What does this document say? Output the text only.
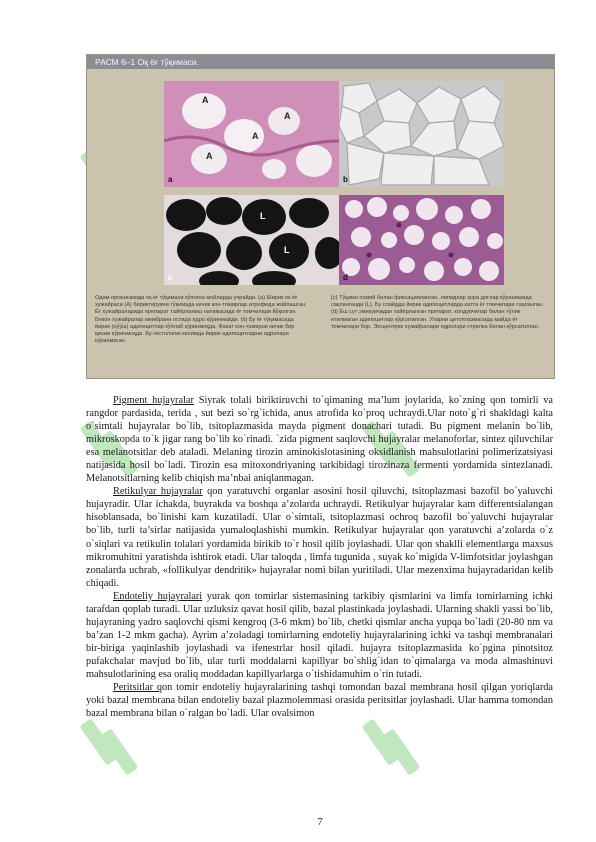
РАСМ 6–1 Оқ ёғ тўқимаси.
A
A
A
A
a	b
L
L
c	d
Одам организмида оқ ёғ тўқимаси кўпгина жойларда учрайди. (a) Ширик ок ёғ хужайраси (A) бириктирувчи тўқимада кичик кон-томирлар атрофида жойлашган. Ёғ хужайраларида препарат тайёрланиш натижасида ёғ томчилари йўқолган. Бекон хужайралар мембрани остида ядро кўринмайди. (b) Бу ёғ тўқимасида йирик (оўўш) адипоцитлар кўплаб кўринмоқда. Факат кон-томирни кичик бир қисми кўринмоқда. Бу гистологик кесимда йирик адипоцитларни ядролари кўринмаган.
(c) Тўқима осмий билан фиксацияланган, липидлар қора доғлар кўринишида сақланганди (L). Бу слайдда йирик адипоцитларда катта ёғ томчилари сақланган. (d) Ёш сут эмизувчидан тайёрланган препарат, колдувчилар билан тўлик етилмаган адипоцитлар кўрсатилган. Уларни цитоплазмасида майда ёғ томчилари бор. Эксцентрик хужайралари ядролари стрелка билан кўрсатилган.

Pigment hujayralar Siyrak tolali biriktiruvchi to`qimaning ma’lum joylarida, ko`zning qon tomirli va rangdor pardasida, terida , sut bezi so`rg`ichida, anus atrofida ko`proq uchraydi.Ular noto`g`ri shakldagi kalta o`simtali hujayralar bo`lib, tsitoplazmasida mayda pigment donachari tutadi. Bu pigment melanin bo`lib, mikroskopda to`k jigar rang bo`lib ko`rinadi. `zida pigment saqlovchi hujayralar melanoforlar, sintez qiluvchilar esa melanotsitlar deb ataladi. Melaning tirozin aminokislotasining oksidlanish mahsulotlarini polimerizatsiyasi natijasida hosil bo`ladi. Tirozin esa mitoxondriyaning tarkibidagi tirozinaza fermenti yordamida sintezlanadi. Melanotsitlarning kelib chiqish ma’nbai aniqlanmagan.

Retikulyar hujayralar qon yaratuvchi organlar asosini hosil qiluvchi, tsitoplazmasi bazofil bo`yaluvchi hujayradir. Ular ichakda, buyrakda va boshqa a’zolarda uchraydi. Retikulyar hujayralar kam differentsialangan hisoblansada, bo`linishi kam kuzatiladi. Ular o`simtali, tsitoplazmasi ochroq bazofil bo`yaluvchi hujayralar bo`lib, turli ta’sirlar natijasida yumaloqlashishi mumkin. Retikulyar hujayralar qon yaratuvchi a’zolarda o`z o`siqlari va retikulin tolalari yordamida birikib to`r hosil qilib joylashadi. Ular qon shaklli elementlarga maxsus mikromuhitni yaratishda ishtirok etadi. Ular taloqda , limfa tugunida , suyak ko`migida V-limfotsitlar joylashgan zonalarda uchrab, «follikulyar dendritik» hujayralar nomi bilan yuritiladi. Ular mezenxima hujayradaridan kelib chiqadi.

Endoteliy hujayralari yurak qon tomirlar sistemasining tarkibiy qismlarini va limfa tomirlarning ichki tarafdan qoplab turadi. Ular uzluksiz qavat hosil qilib, bazal plastinkada joylashadi. Ularning shakli yassi bo`lib, hujayraning yadro saqlovchi qismi kengroq (3-6 mkm) bo`lib, chetki qismlar ancha yupqa bo`ladi (20-80 nm va ba’zan 1-2 mkm gacha). Ayrim a’zoladagi tomirlarning endoteliy hujayralarining ichki va tashqi membranalari bir-biriga yaqinlashib joylashadi va ifenestrlar hosil qiladi. hujayra tsitoplazmasida ko`pgina pinotsitoz pufakchalar mavjud bo`lib, ular turli moddalarni kapillyar bo`shlig`idan to`qimalarga va moda almashinuvi mahsulotlarining esa oraliq moddadan kapillyarlarga o`tishidamuhim o`rin tutadi.

Peritsitlar qon tomir endoteliy hujayralarining tashqi tomondan bazal membrana hosil qilgan yoriqlarda yoki bazal membrana bilan endoteliy bazal plazmolemmasi orasida peritsitlar joylashadi. Ular hamma tomondan bazal membrana bilan o`ralgan bo`ladi. Ular ovalsimon

7
